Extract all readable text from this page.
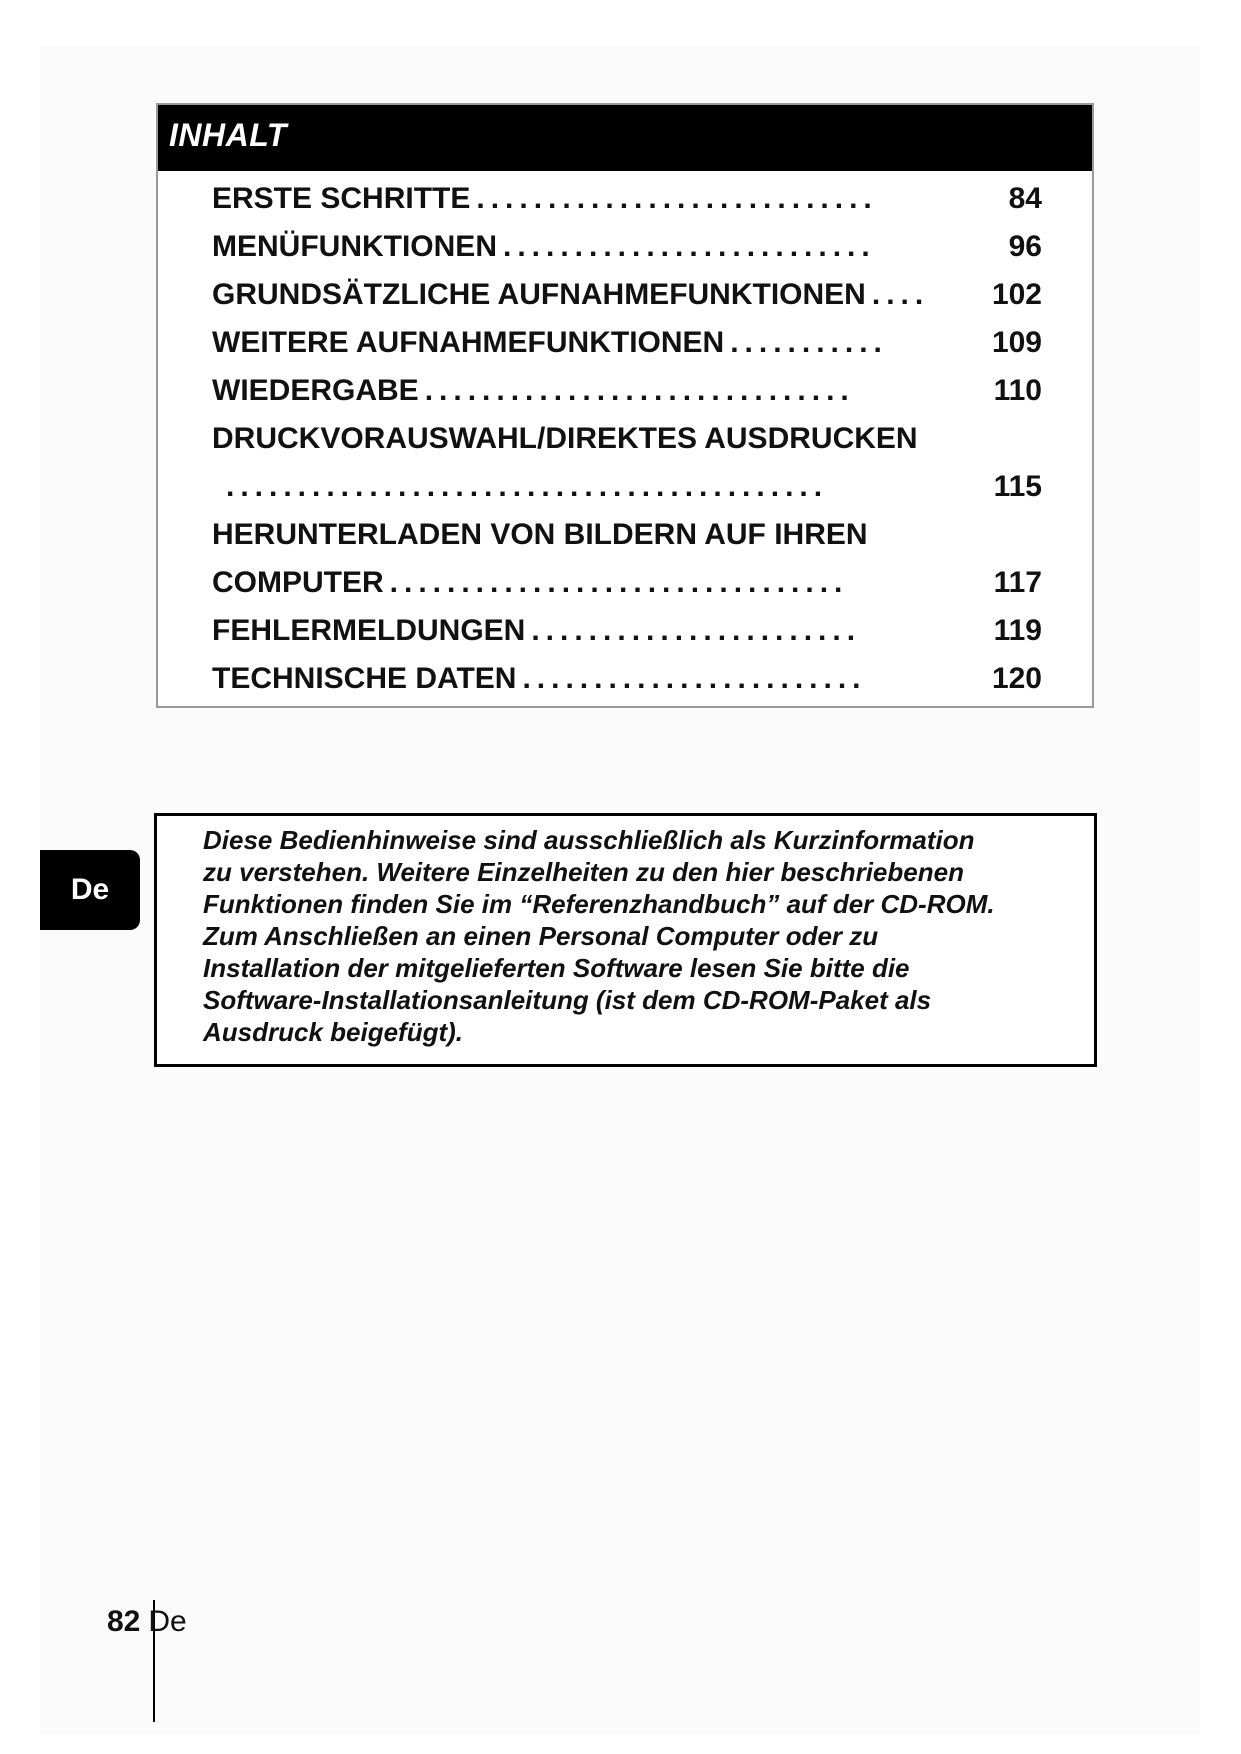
INHALT
ERSTE SCHRITTE ............................	84
MENÜFUNKTIONEN ..........................	96
GRUNDSÄTZLICHE AUFNAHMEFUNKTIONEN ....	102
WEITERE AUFNAHMEFUNKTIONEN ...........	109
WIEDERGABE ..............................	110
DRUCKVORAUSWAHL/DIREKTES AUSDRUCKEN
..........................................	115
HERUNTERLADEN VON BILDERN AUF IHREN
COMPUTER ................................	117
FEHLERMELDUNGEN .......................	119
TECHNISCHE DATEN ........................	120
De

Diese Bedienhinweise sind ausschließlich als Kurzinformation
zu verstehen. Weitere Einzelheiten zu den hier beschriebenen
Funktionen finden Sie im “Referenzhandbuch” auf der CD-ROM.
Zum Anschließen an einen Personal Computer oder zu
Installation der mitgelieferten Software lesen Sie bitte die
Software-Installationsanleitung (ist dem CD-ROM-Paket als
Ausdruck beigefügt).

82 De
